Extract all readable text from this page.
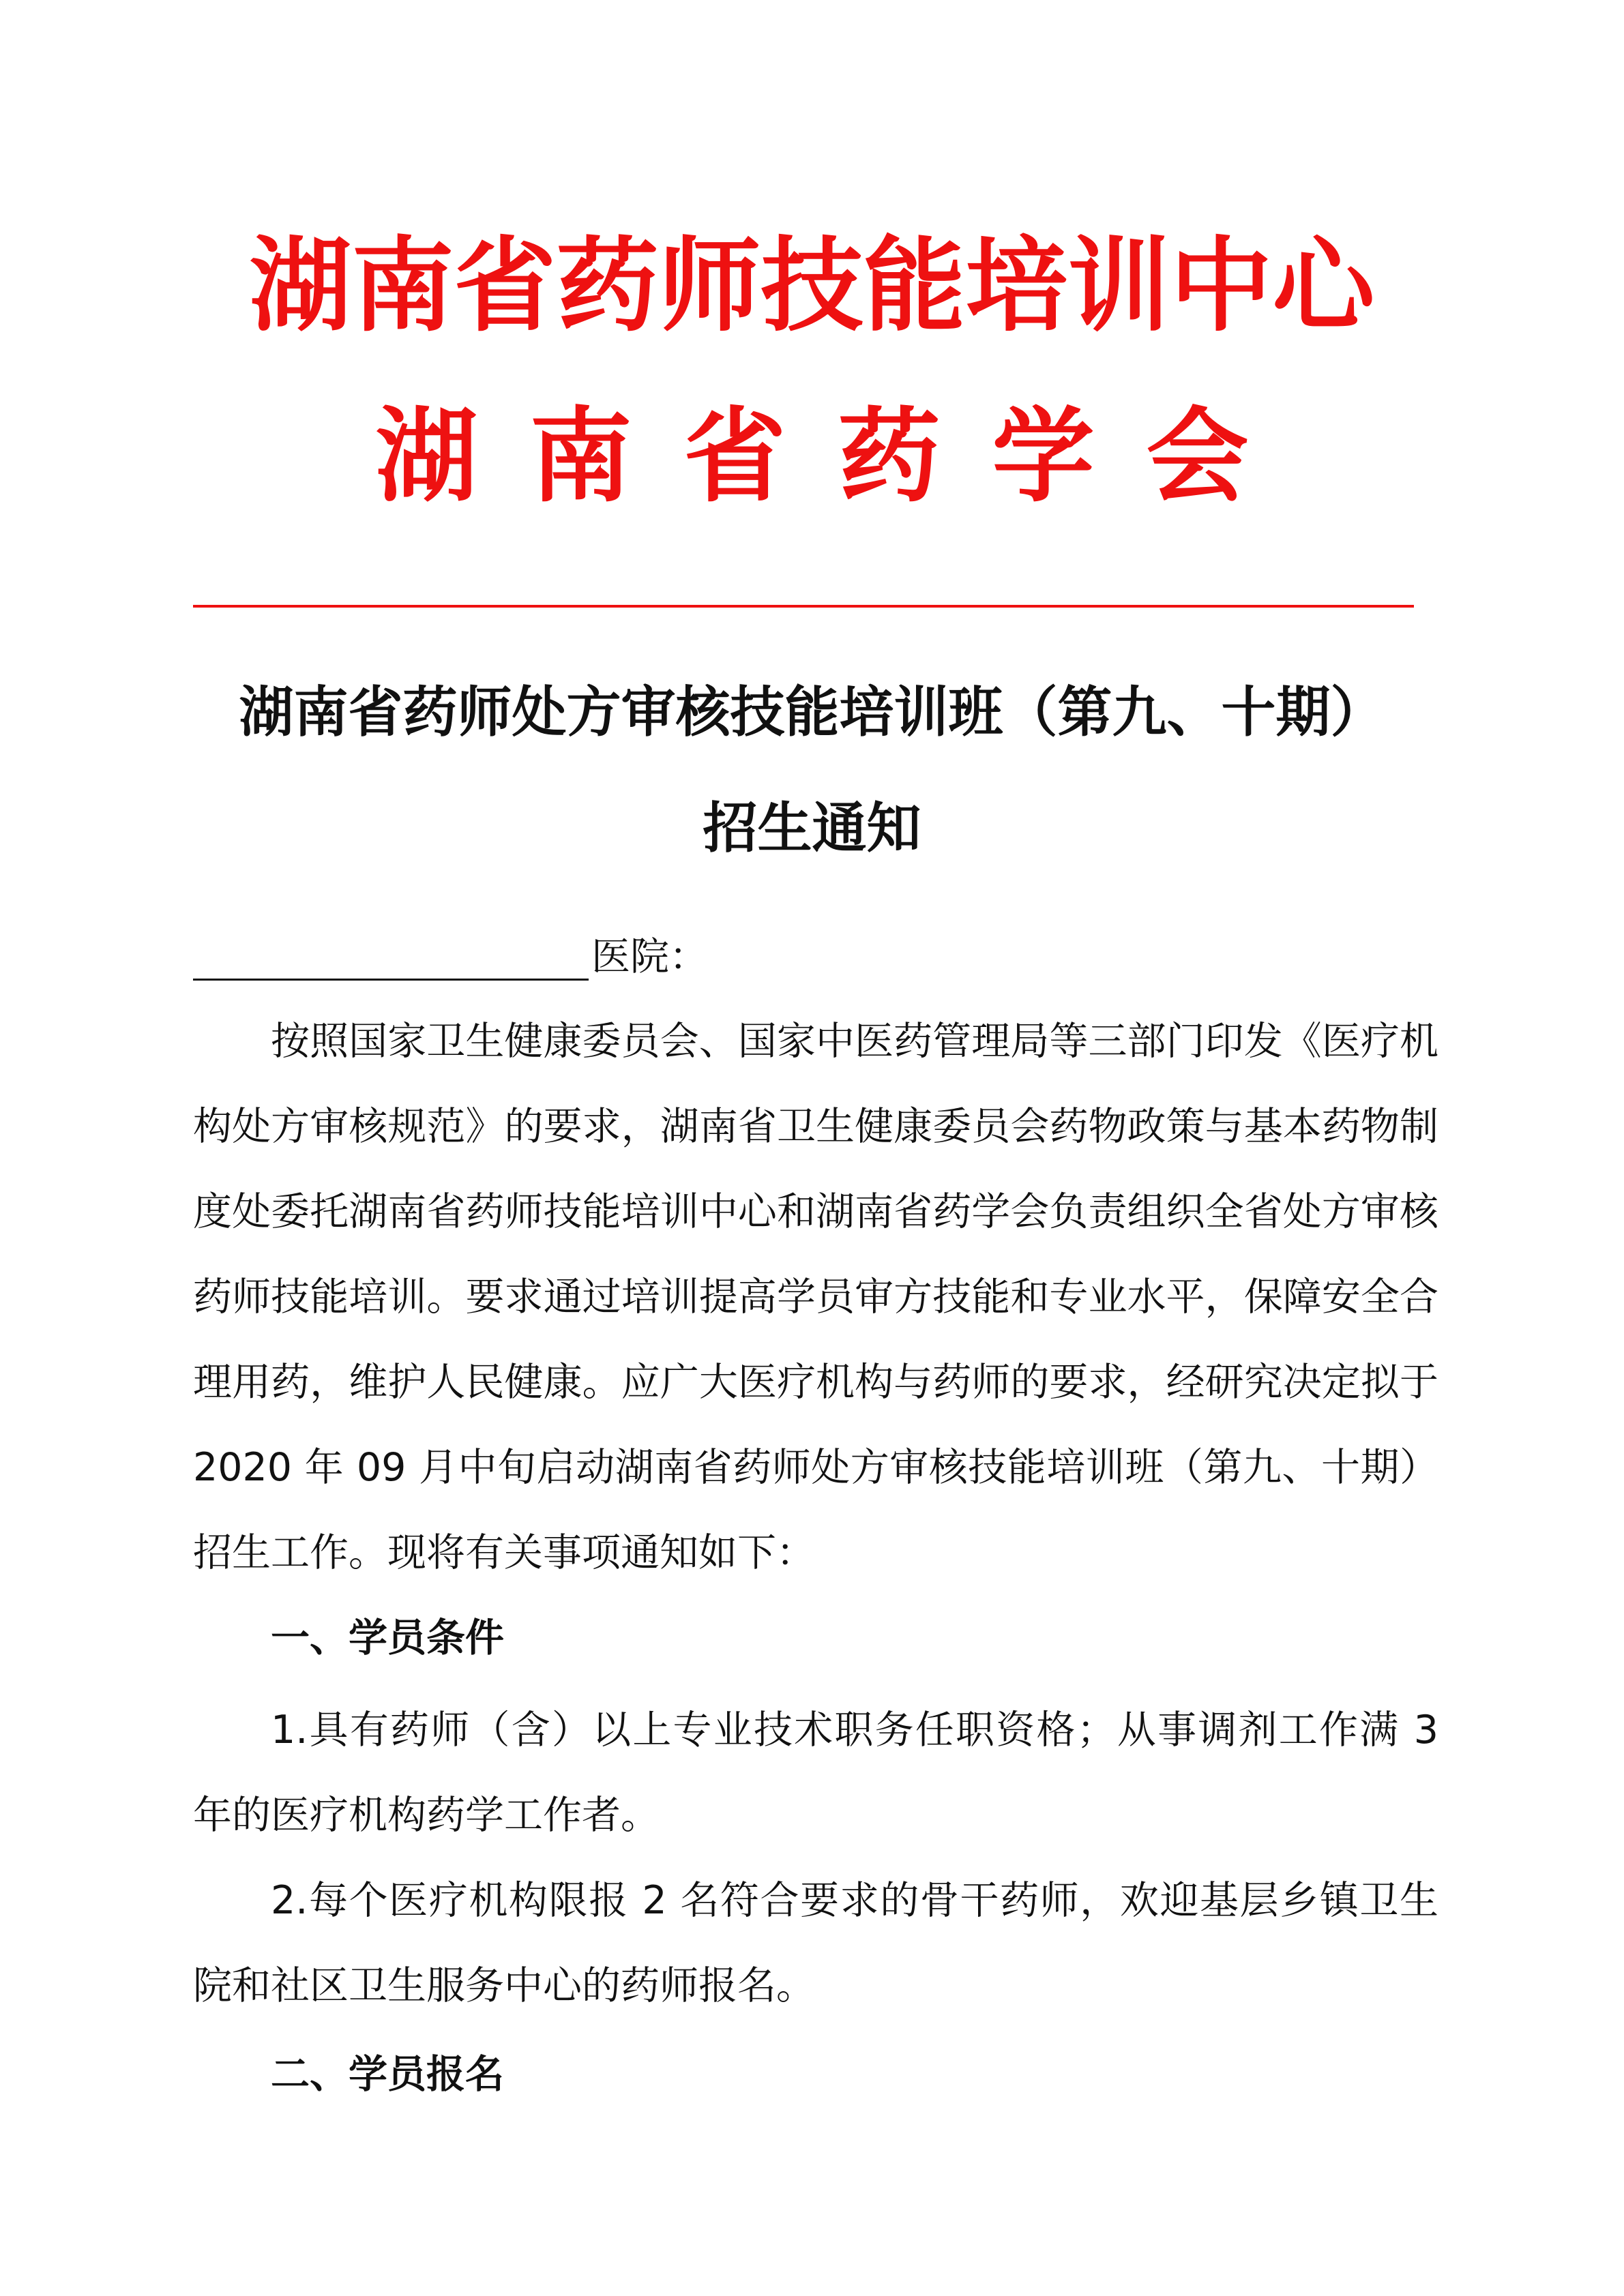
湖南省药师技能培训中心
湖南省药学会
湖南省药师处方审核技能培训班（第九、十期）
招生通知
医院：
按照国家卫生健康委员会、国家中医药管理局等三部门印发《医疗机构处方审核规范》的要求，湖南省卫生健康委员会药物政策与基本药物制度处委托湖南省药师技能培训中心和湖南省药学会负责组织全省处方审核药师技能培训。要求通过培训提高学员审方技能和专业水平，保障安全合理用药，维护人民健康。应广大医疗机构与药师的要求，经研究决定拟于 2020 年 09 月中旬启动湖南省药师处方审核技能培训班（第九、十期）招生工作。现将有关事项通知如下：
一、学员条件
1.具有药师（含）以上专业技术职务任职资格；从事调剂工作满 3 年的医疗机构药学工作者。
2.每个医疗机构限报 2 名符合要求的骨干药师，欢迎基层乡镇卫生院和社区卫生服务中心的药师报名。
二、学员报名
